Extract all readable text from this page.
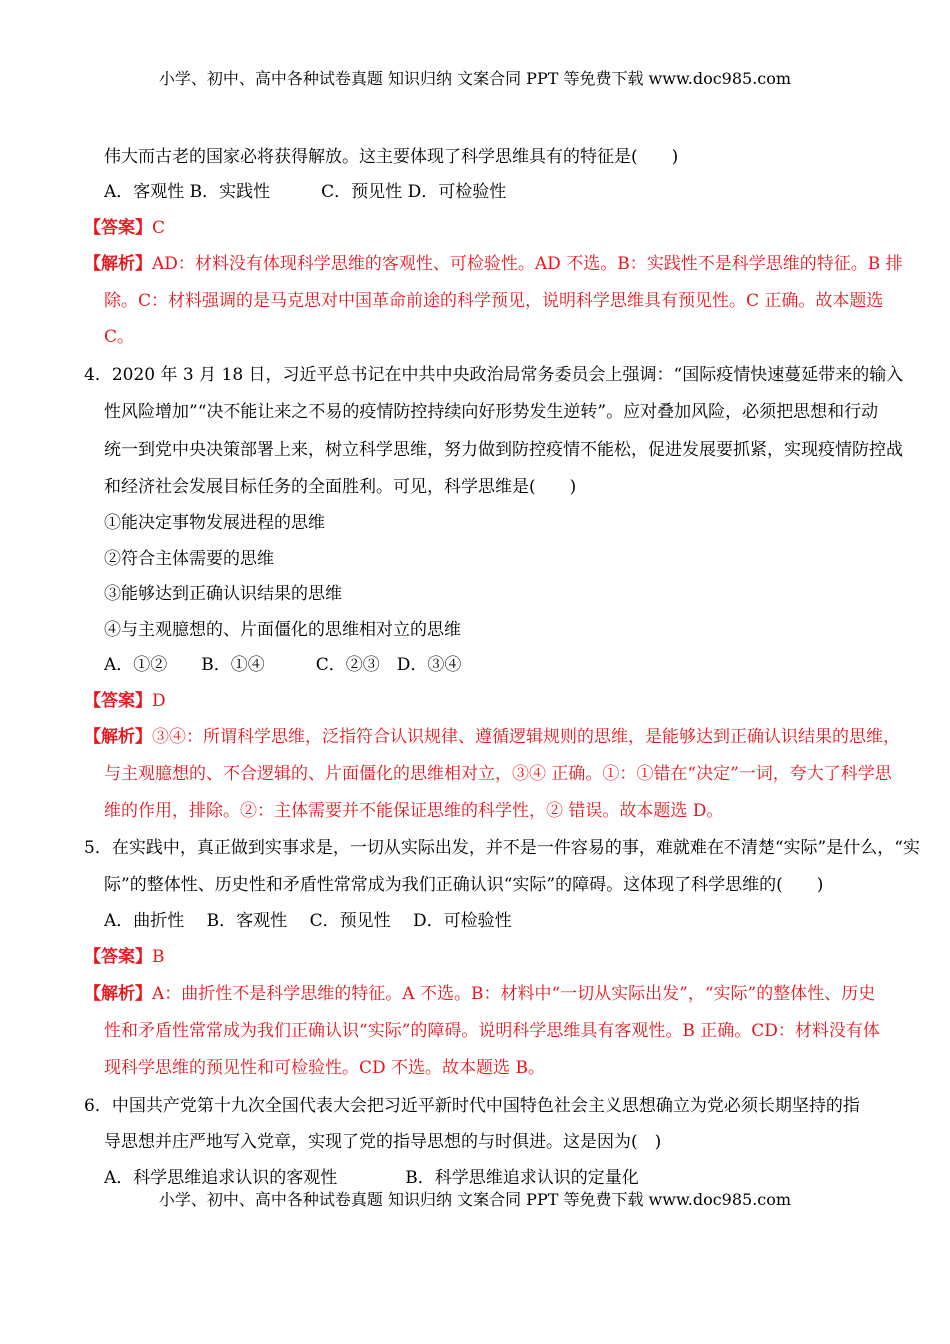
小学、初中、高中各种试卷真题 知识归纳 文案合同 PPT 等免费下载 www.doc985.com
伟大而古老的国家必将获得解放。这主要体现了科学思维具有的特征是(　　)
A．客观性 B．实践性　　　C．预见性 D．可检验性
【答案】C
【解析】AD：材料没有体现科学思维的客观性、可检验性。AD 不选。B：实践性不是科学思维的特征。B 排
除。C：材料强调的是马克思对中国革命前途的科学预见，说明科学思维具有预见性。C 正确。故本题选
C。
4．2020 年 3 月 18 日，习近平总书记在中共中央政治局常务委员会上强调：“国际疫情快速蔓延带来的输入
性风险增加”“决不能让来之不易的疫情防控持续向好形势发生逆转”。应对叠加风险，必须把思想和行动
统一到党中央决策部署上来，树立科学思维，努力做到防控疫情不能松，促进发展要抓紧，实现疫情防控战
和经济社会发展目标任务的全面胜利。可见，科学思维是(　　)
①能决定事物发展进程的思维
②符合主体需要的思维
③能够达到正确认识结果的思维
④与主观臆想的、片面僵化的思维相对立的思维
A．①②　　B．①④　　　C．②③　D．③④
【答案】D
【解析】③④：所谓科学思维，泛指符合认识规律、遵循逻辑规则的思维，是能够达到正确认识结果的思维，
与主观臆想的、不合逻辑的、片面僵化的思维相对立，③④ 正确。①：①错在“决定”一词，夸大了科学思
维的作用，排除。②：主体需要并不能保证思维的科学性，② 错误。故本题选 D。
5．在实践中，真正做到实事求是，一切从实际出发，并不是一件容易的事，难就难在不清楚“实际”是什么，“实
际”的整体性、历史性和矛盾性常常成为我们正确认识“实际”的障碍。这体现了科学思维的(　　)
A．曲折性　 B．客观性　 C．预见性　 D．可检验性
【答案】B
【解析】A：曲折性不是科学思维的特征。A 不选。B：材料中“一切从实际出发”，“实际”的整体性、历史
性和矛盾性常常成为我们正确认识“实际”的障碍。说明科学思维具有客观性。B 正确。CD：材料没有体
现科学思维的预见性和可检验性。CD 不选。故本题选 B。
6．中国共产党第十九次全国代表大会把习近平新时代中国特色社会主义思想确立为党必须长期坚持的指
导思想并庄严地写入党章，实现了党的指导思想的与时俱进。这是因为(　)
A．科学思维追求认识的客观性　　　　B．科学思维追求认识的定量化
小学、初中、高中各种试卷真题 知识归纳 文案合同 PPT 等免费下载 www.doc985.com
